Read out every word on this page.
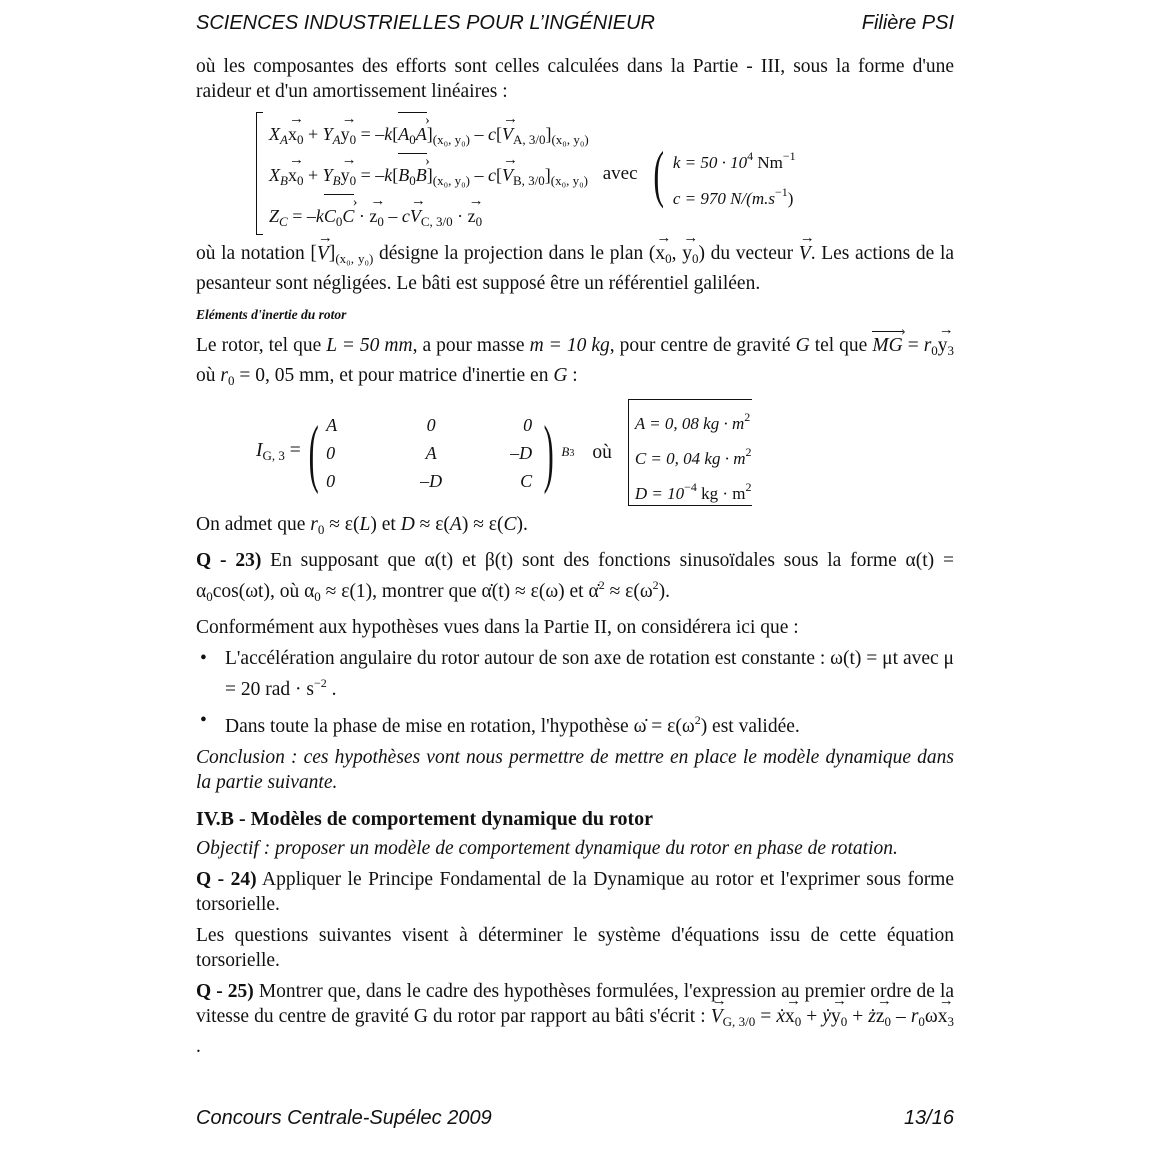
SCIENCES INDUSTRIELLES POUR L’INGÉNIEUR	Filière PSI

où les composantes des efforts sont celles calculées dans la Partie - III, sous la forme d'une raideur et d'un amortissement linéaires :

$X_A\to x_0 + Y_A\to y_0 = -k[A_0A$ $›]_{(x_0, y_0)} - c[\to V_{A, 3/0}]_{(x_0, y_0)}$
$X_B\to x_0 + Y_B\to y_0 = -k[B_0B$ $›]_{(x_0, y_0)} - c[\to V_{B, 3/0}]_{(x_0, y_0)}$
$Z_C = -kC_0C$ › · → $z_0 - c\to V_{C, 3/0}$ · → $z_0$
avec ( $k = 50 \cdot 10^4$ $Nm^{-1}$
c = 970 $N/(m.s^{-1})$

où la notation [→ $V]_{(x_0, y_0)}$ désigne la projection dans le plan (→ $x_0$, → $y_0$) du vecteur → V. Les actions de la pesanteur sont négligées. Le bâti est supposé être un référentiel galiléen.

Eléments d'inertie du rotor

Le rotor, tel que L = 50 mm, a pour masse m = 10 kg, pour centre de gravité G tel que MG › = $r_0\to y_3$ où $r_0 = 0$, 05 mm, et pour matrice d'inertie en G :

$I_{G, 3}$ = ( A	0	0
0	A	–D
0	–D	C ) B3 où
A = 0, 08 kg · $m^2$
C = 0, 04 kg · $m^2$
$D = 10^{-4}$ kg · $m^2$

On admet que $r_0 \approx \varepsilon(L)$ et D ≈ ε(A) ≈ ε(C).

Q - 23) En supposant que α(t) et β(t) sont des fonctions sinusoïdales sous la forme $\alpha(t) = \alpha_0\cos(\omega t)$, où $\alpha_0 \approx \varepsilon(1)$, montrer que α̇(t) ≈ ε(ω) et α̇$^2$ ≈ $\varepsilon(\omega^2)$.

Conformément aux hypothèses vues dans la Partie II, on considérera ici que :

• L'accélération angulaire du rotor autour de son axe de rotation est constante : ω(t) = μt avec μ = 20 rad · $s^{-2}$ .
• Dans toute la phase de mise en rotation, l'hypothèse ω̇ = $\varepsilon(\omega^2)$ est validée.

Conclusion : ces hypothèses vont nous permettre de mettre en place le modèle dynamique dans la partie suivante.

IV.B - Modèles de comportement dynamique du rotor

Objectif : proposer un modèle de comportement dynamique du rotor en phase de rotation.

Q - 24) Appliquer le Principe Fondamental de la Dynamique au rotor et l'exprimer sous forme torsorielle.

Les questions suivantes visent à déterminer le système d'équations issu de cette équation torsorielle.

Q - 25) Montrer que, dans le cadre des hypothèses formulées, l'expression au premier ordre de la vitesse du centre de gravité G du rotor par rapport au bâti s'écrit : → $V_{G, 3/0}$ = ẋ→ $x_0$ + ẏ→ $y_0$ + ż→ $z_0 - r_0\omega\to x_3$ .

Concours Centrale-Supélec 2009	13/16
